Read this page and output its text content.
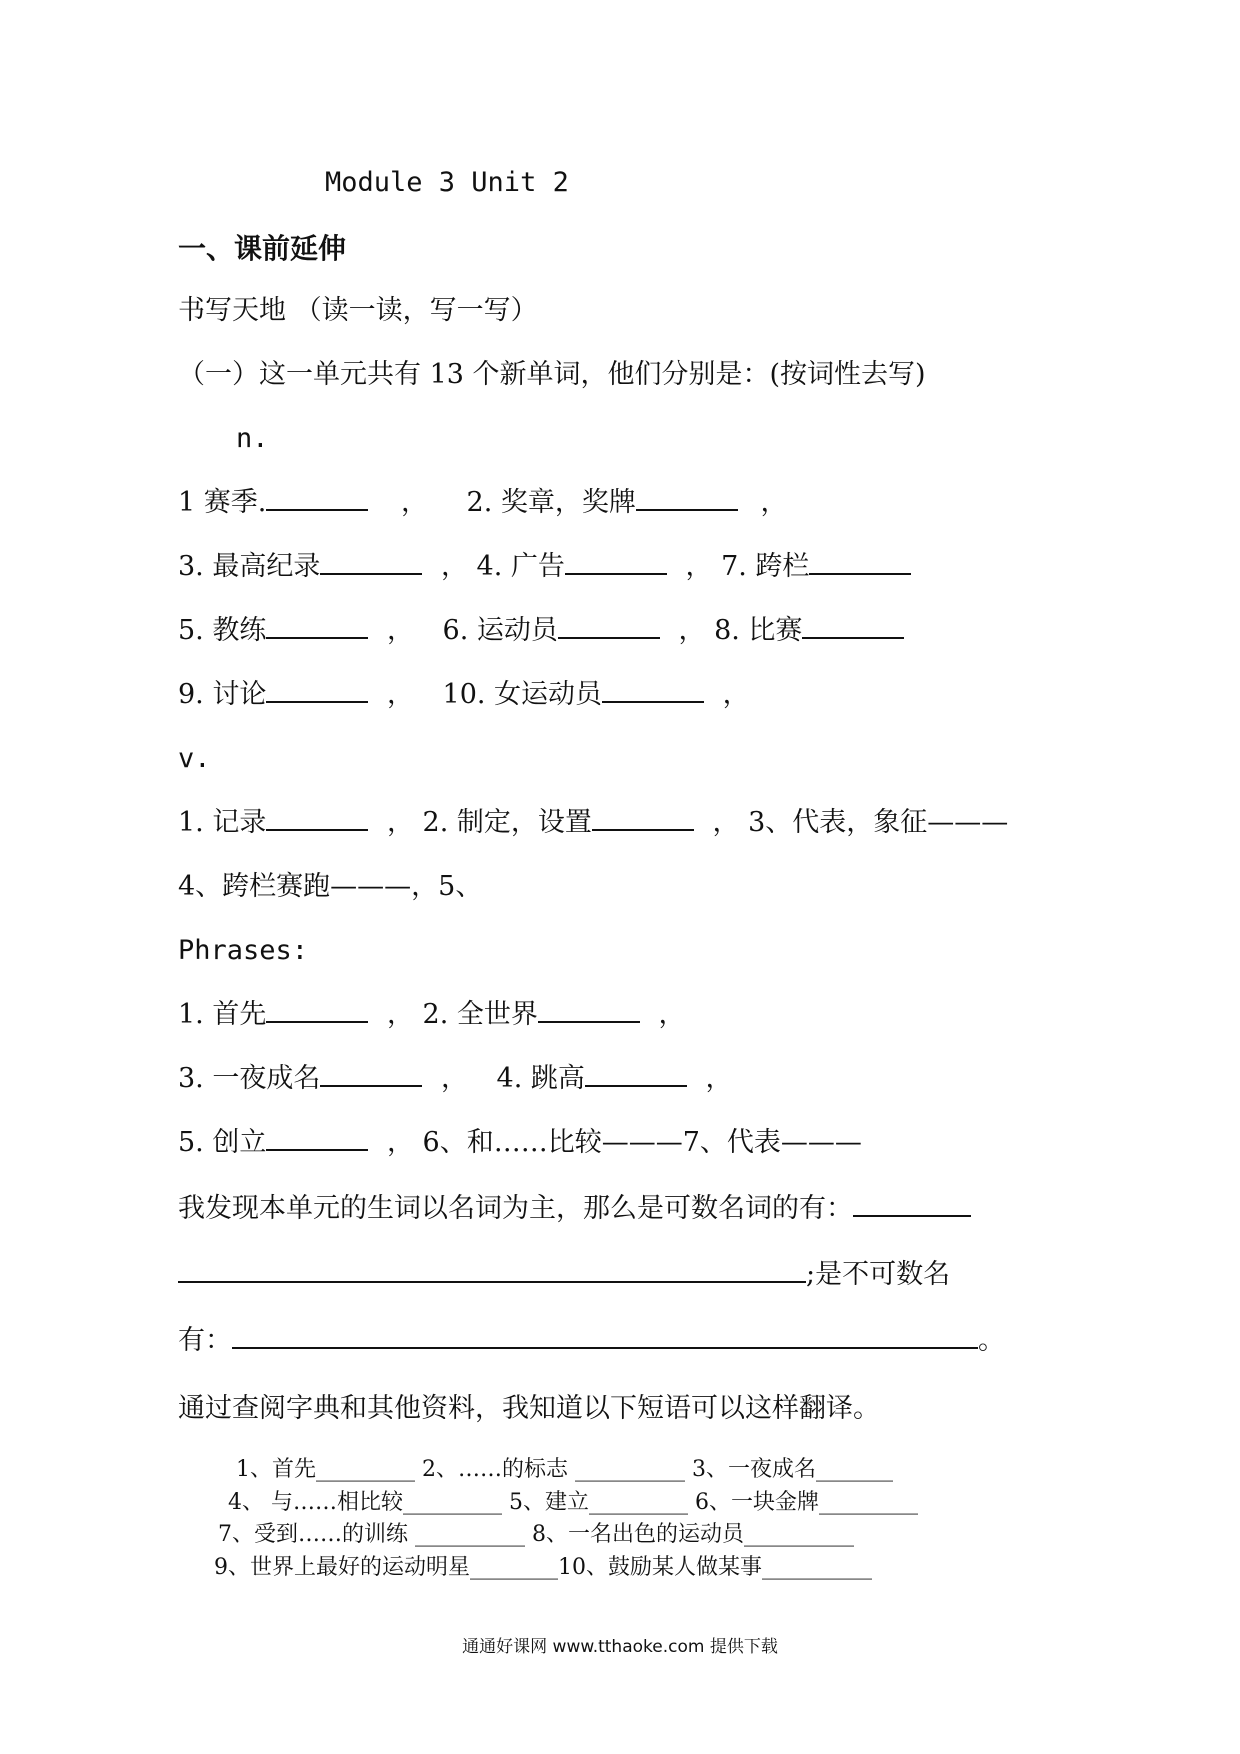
Module 3 Unit 2
一、课前延伸
书写天地 （读一读，写一写）
（一）这一单元共有 13 个新单词，他们分别是：(按词性去写)
n.
1 赛季.	， 2. 奖章，奖牌	，
3. 最高纪录	， 4. 广告	， 7. 跨栏
5. 教练	， 6. 运动员	， 8. 比赛
9. 讨论	， 10. 女运动员	，
v.
1. 记录	， 2. 制定，设置	， 3、代表，象征———
4、跨栏赛跑———，5、
Phrases:
1. 首先	， 2. 全世界	，
3. 一夜成名	， 4. 跳高	，
5. 创立	， 6、和……比较———7、代表———
我发现本单元的生词以名词为主，那么是可数名词的有：
;是不可数名
有：	。
通过查阅字典和其他资料，我知道以下短语可以这样翻译。
1、首先_________ 2、……的标志 __________ 3、一夜成名_______
4、 与……相比较_________ 5、建立_________ 6、一块金牌_________
7、受到……的训练 __________ 8、一名出色的运动员__________
9、世界上最好的运动明星________10、鼓励某人做某事__________
通通好课网 www.tthaoke.com 提供下载
